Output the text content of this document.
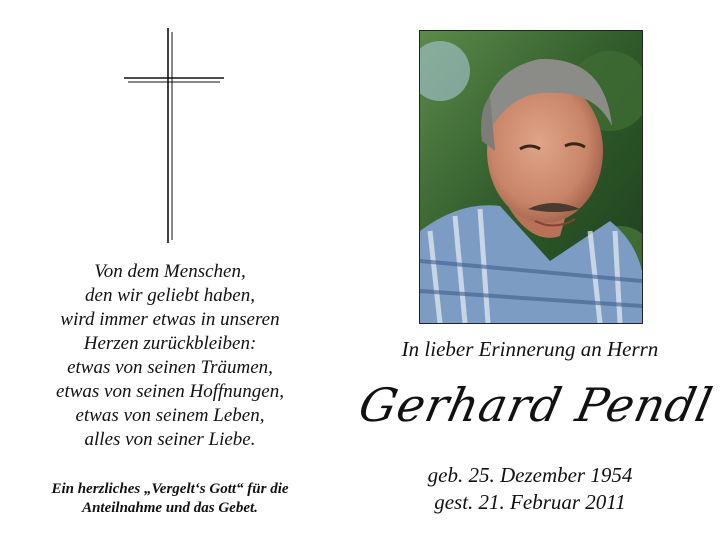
Von dem Menschen,
den wir geliebt haben,
wird immer etwas in unseren
Herzen zurückbleiben:
etwas von seinen Träumen,
etwas von seinen Hoffnungen,
etwas von seinem Leben,
alles von seiner Liebe.
Ein herzliches „Vergelt‘s Gott“ für die
Anteilnahme und das Gebet.
In lieber Erinnerung an Herrn
Gerhard Pendl
geb. 25. Dezember 1954
gest. 21. Februar 2011
